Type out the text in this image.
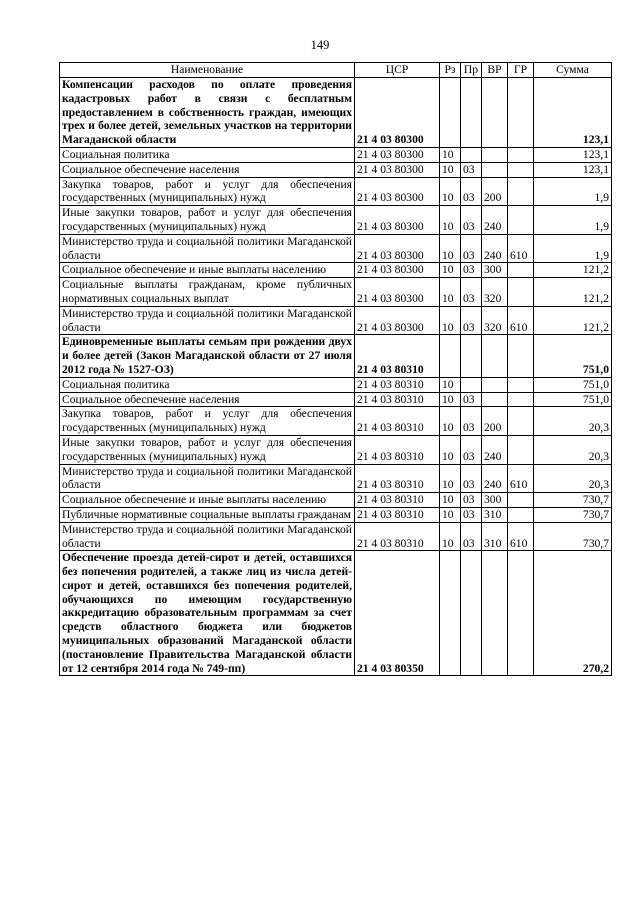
149
Наименование	ЦСР	Рз	Пр	ВР	ГР	Сумма
Компенсации расходов по оплате проведения кадастровых работ в связи с бесплатным предоставлением в собственность граждан, имеющих трех и более детей, земельных участков на территории Магаданской области	21 4 03 80300					123,1
Социальная политика	21 4 03 80300	10				123,1
Социальное обеспечение населения	21 4 03 80300	10	03			123,1
Закупка товаров, работ и услуг для обеспечения государственных (муниципальных) нужд	21 4 03 80300	10	03	200		1,9
Иные закупки товаров, работ и услуг для обеспечения государственных (муниципальных) нужд	21 4 03 80300	10	03	240		1,9
Министерство труда и социальной политики Магаданской области	21 4 03 80300	10	03	240	610	1,9
Социальное обеспечение и иные выплаты населению	21 4 03 80300	10	03	300		121,2
Социальные выплаты гражданам, кроме публичных нормативных социальных выплат	21 4 03 80300	10	03	320		121,2
Министерство труда и социальной политики Магаданской области	21 4 03 80300	10	03	320	610	121,2
Единовременные выплаты семьям при рождении двух и более детей (Закон Магаданской области от 27 июля 2012 года № 1527-ОЗ)	21 4 03 80310					751,0
Социальная политика	21 4 03 80310	10				751,0
Социальное обеспечение населения	21 4 03 80310	10	03			751,0
Закупка товаров, работ и услуг для обеспечения государственных (муниципальных) нужд	21 4 03 80310	10	03	200		20,3
Иные закупки товаров, работ и услуг для обеспечения государственных (муниципальных) нужд	21 4 03 80310	10	03	240		20,3
Министерство труда и социальной политики Магаданской области	21 4 03 80310	10	03	240	610	20,3
Социальное обеспечение и иные выплаты населению	21 4 03 80310	10	03	300		730,7
Публичные нормативные социальные выплаты гражданам	21 4 03 80310	10	03	310		730,7
Министерство труда и социальной политики Магаданской области	21 4 03 80310	10	03	310	610	730,7
Обеспечение проезда детей-сирот и детей, оставшихся без попечения родителей, а также лиц из числа детей-сирот и детей, оставшихся без попечения родителей, обучающихся по имеющим государственную аккредитацию образовательным программам за счет средств областного бюджета или бюджетов муниципальных образований Магаданской области (постановление Правительства Магаданской области от 12 сентября 2014 года № 749-пп)	21 4 03 80350					270,2
